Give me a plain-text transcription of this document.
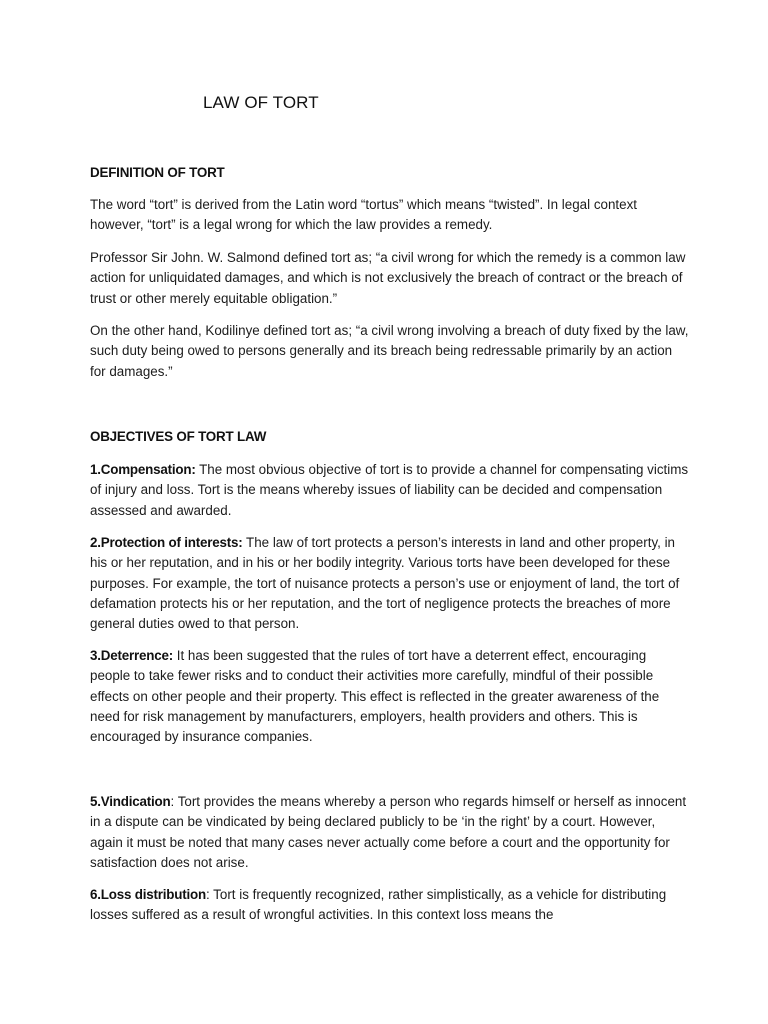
LAW OF TORT
DEFINITION OF TORT

The word “tort” is derived from the Latin word “tortus” which means “twisted”. In legal context however, “tort” is a legal wrong for which the law provides a remedy.

Professor Sir John. W. Salmond defined tort as; “a civil wrong for which the remedy is a common law action for unliquidated damages, and which is not exclusively the breach of contract or the breach of trust or other merely equitable obligation.”

On the other hand, Kodilinye defined tort as; “a civil wrong involving a breach of duty fixed by the law, such duty being owed to persons generally and its breach being redressable primarily by an action for damages.”

OBJECTIVES OF TORT LAW

1.Compensation: The most obvious objective of tort is to provide a channel for compensating victims of injury and loss. Tort is the means whereby issues of liability can be decided and compensation assessed and awarded.

2.Protection of interests: The law of tort protects a person’s interests in land and other property, in his or her reputation, and in his or her bodily integrity. Various torts have been developed for these purposes. For example, the tort of nuisance protects a person’s use or enjoyment of land, the tort of defamation protects his or her reputation, and the tort of negligence protects the breaches of more general duties owed to that person.

3.Deterrence: It has been suggested that the rules of tort have a deterrent effect, encouraging people to take fewer risks and to conduct their activities more carefully, mindful of their possible effects on other people and their property. This effect is reflected in the greater awareness of the need for risk management by manufacturers, employers, health providers and others. This is encouraged by insurance companies.

5.Vindication: Tort provides the means whereby a person who regards himself or herself as innocent in a dispute can be vindicated by being declared publicly to be ‘in the right’ by a court. However, again it must be noted that many cases never actually come before a court and the opportunity for satisfaction does not arise.

6.Loss distribution: Tort is frequently recognized, rather simplistically, as a vehicle for distributing losses suffered as a result of wrongful activities. In this context loss means the
